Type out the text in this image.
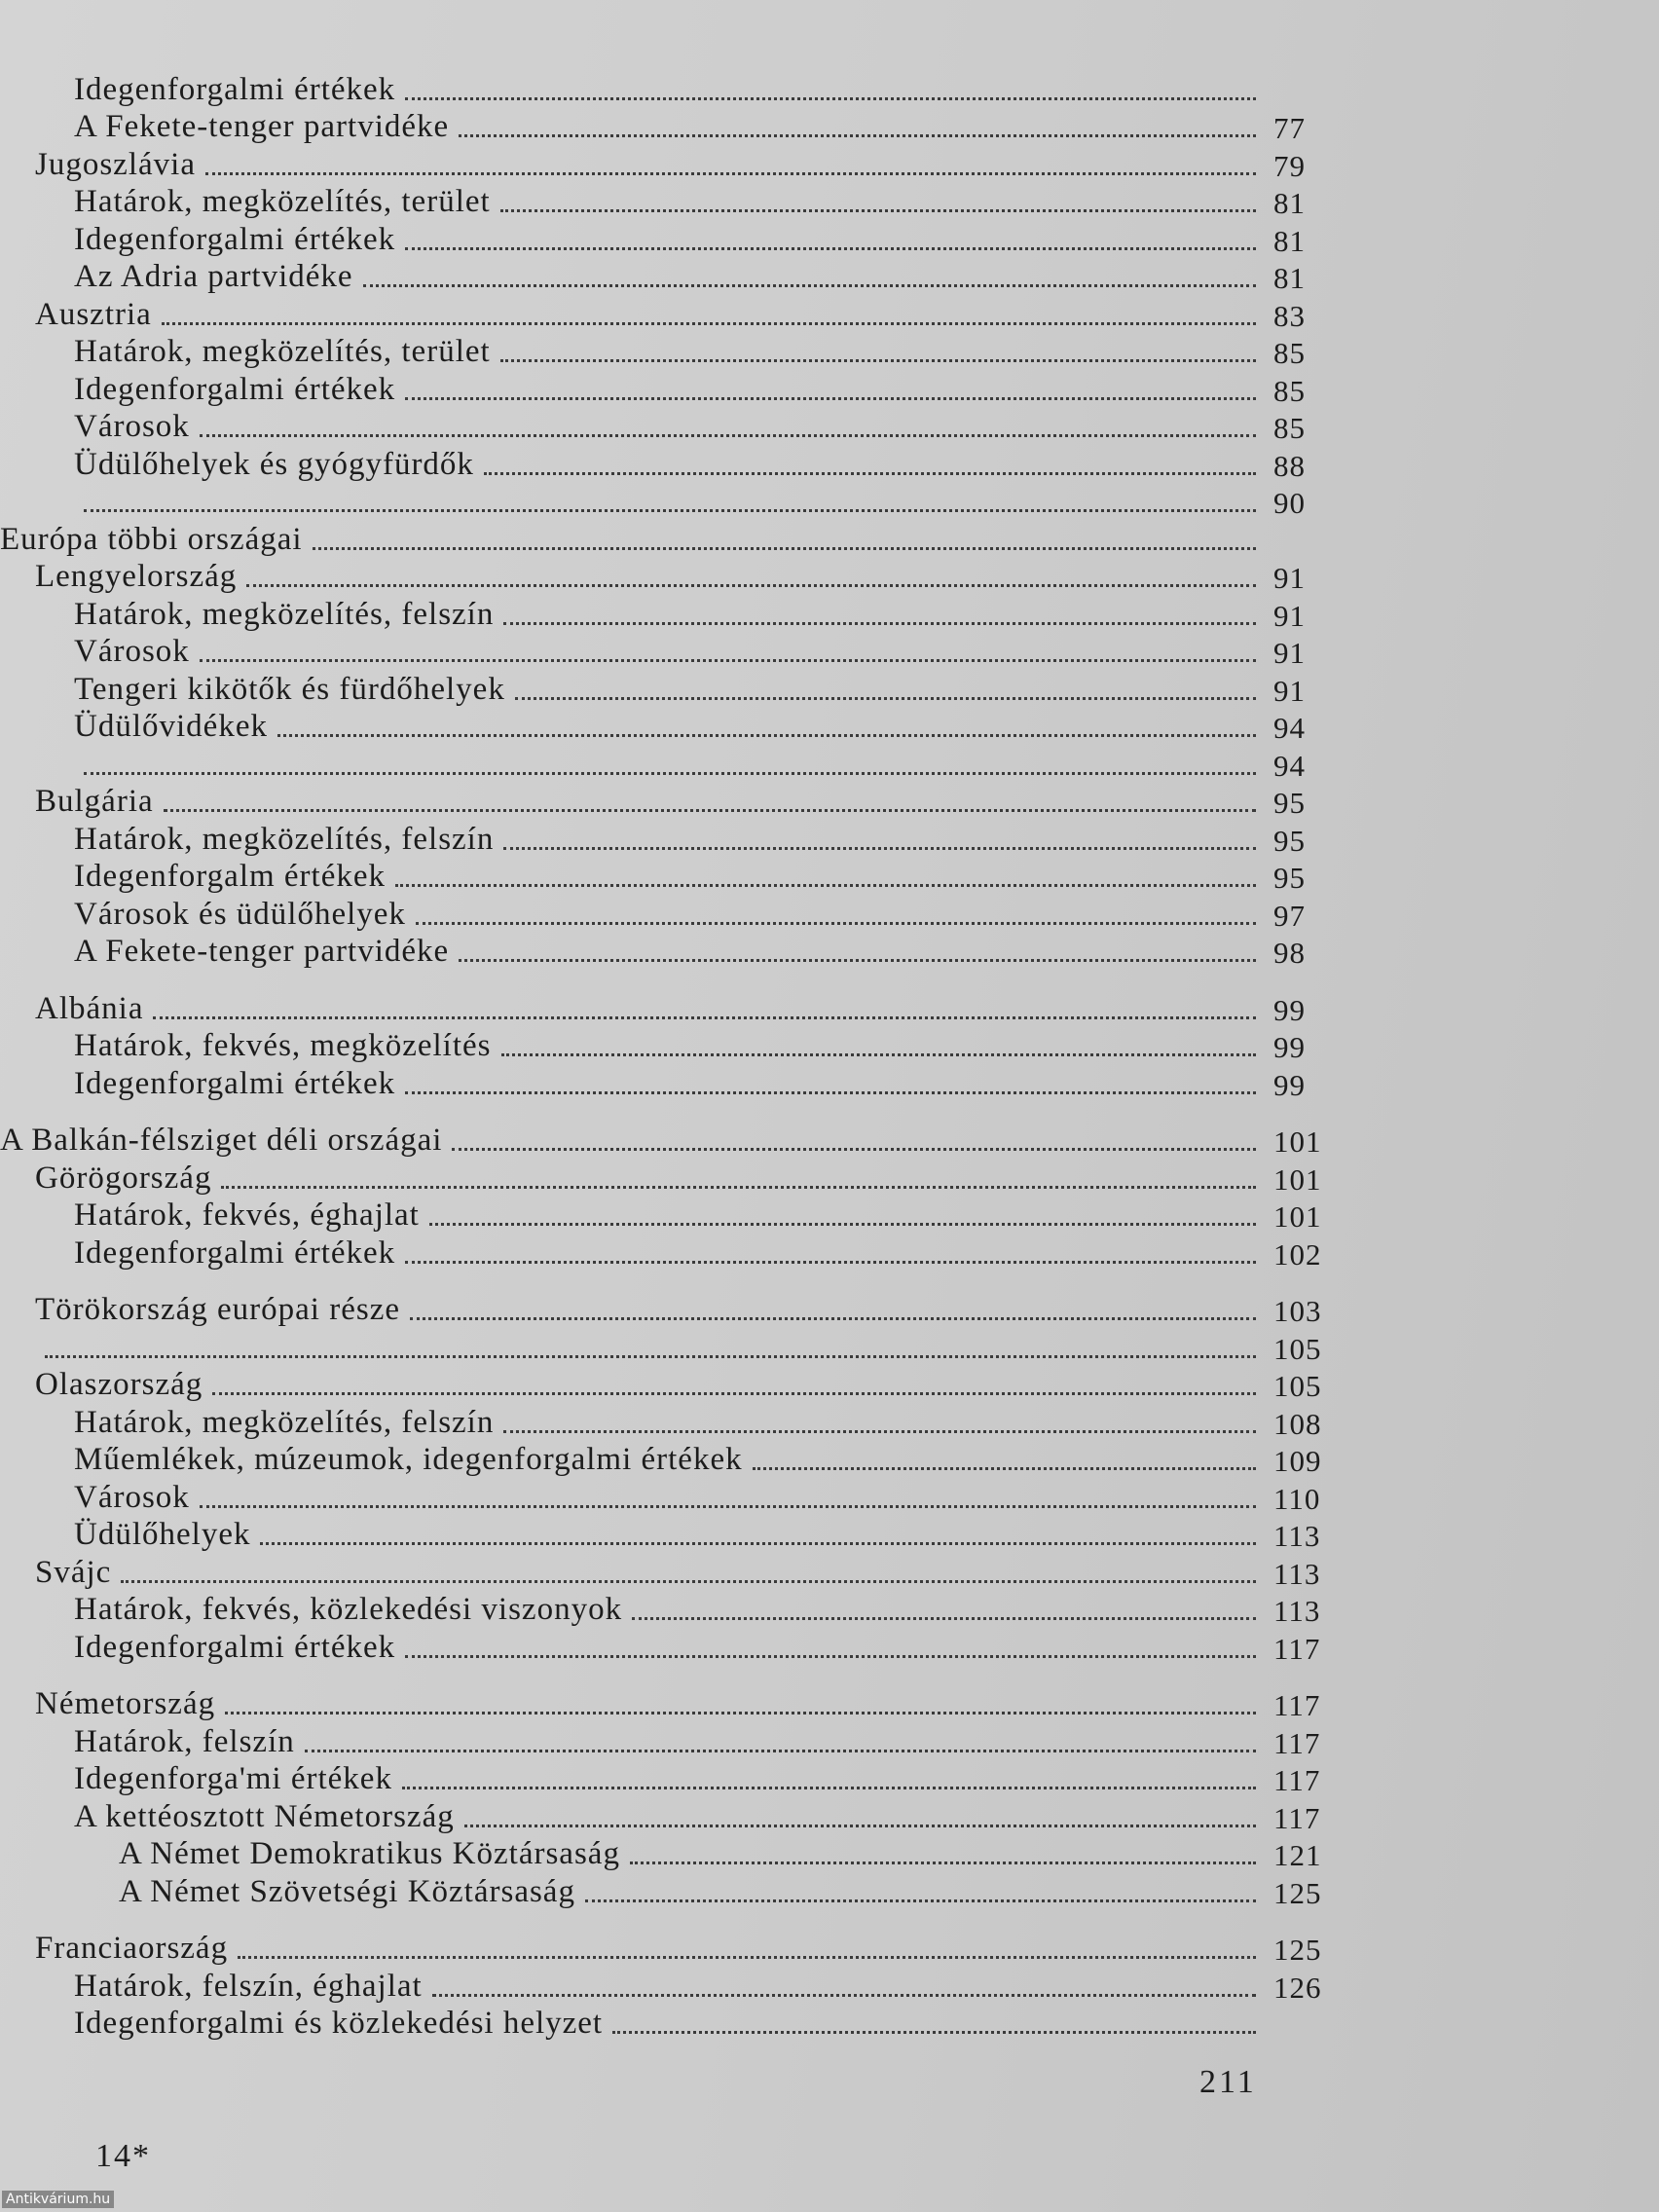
Idegenforgalmi értékek
A Fekete-tenger partvidéke	77
Jugoszlávia	79
Határok, megközelítés, terület	81
Idegenforgalmi értékek	81
Az Adria partvidéke	81
Ausztria	83
Határok, megközelítés, terület	85
Idegenforgalmi értékek	85
Városok	85
Üdülőhelyek és gyógyfürdők	88
90
Európa többi országai
Lengyelország	91
Határok, megközelítés, felszín	91
Városok	91
Tengeri kikötők és fürdőhelyek	91
Üdülővidékek	94
94
Bulgária	95
Határok, megközelítés, felszín	95
Idegenforgalm értékek	95
Városok és üdülőhelyek	97
A Fekete-tenger partvidéke	98
Albánia	99
Határok, fekvés, megközelítés	99
Idegenforgalmi értékek	99
A Balkán-félsziget déli országai	101
Görögország	101
Határok, fekvés, éghajlat	101
Idegenforgalmi értékek	102
Törökország európai része	103
105
Olaszország	105
Határok, megközelítés, felszín	108
Műemlékek, múzeumok, idegenforgalmi értékek	109
Városok	110
Üdülőhelyek	113
Svájc	113
Határok, fekvés, közlekedési viszonyok	113
Idegenforgalmi értékek	117
Németország	117
Határok, felszín	117
Idegenforga'mi értékek	117
A kettéosztott Németország	117
A Német Demokratikus Köztársaság	121
A Német Szövetségi Köztársaság	125
Franciaország	125
Határok, felszín, éghajlat	126
Idegenforgalmi és közlekedési helyzet
211
14*
Antikvárium.hu
